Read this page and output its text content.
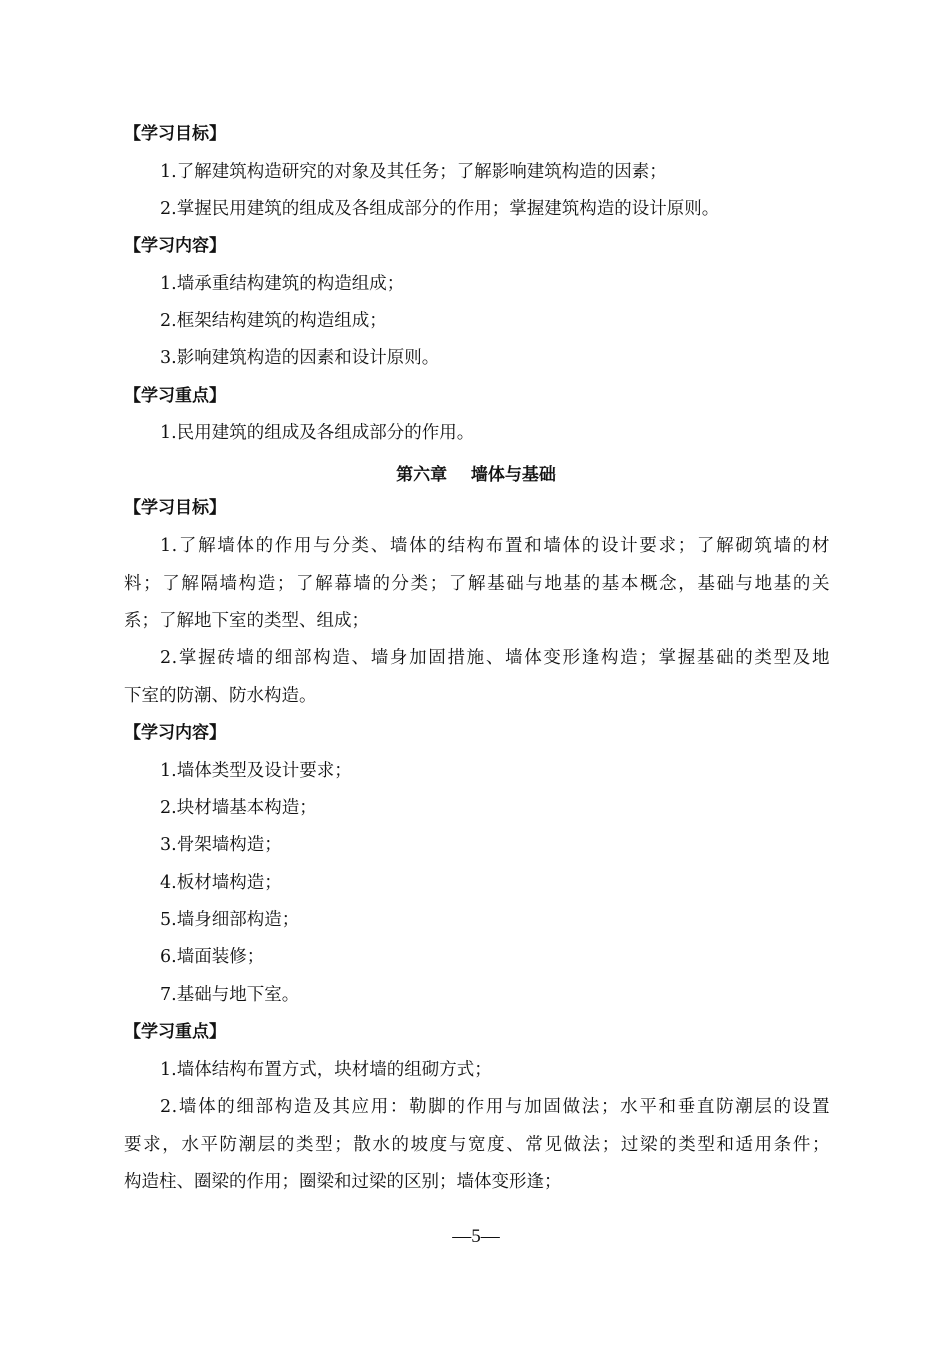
【学习目标】
1.了解建筑构造研究的对象及其任务；了解影响建筑构造的因素；
2.掌握民用建筑的组成及各组成部分的作用；掌握建筑构造的设计原则。
【学习内容】
1.墙承重结构建筑的构造组成；
2.框架结构建筑的构造组成；
3.影响建筑构造的因素和设计原则。
【学习重点】
1.民用建筑的组成及各组成部分的作用。
第六章    墙体与基础
【学习目标】
1.了解墙体的作用与分类、墙体的结构布置和墙体的设计要求；了解砌筑墙的材
料；了解隔墙构造；了解幕墙的分类；了解基础与地基的基本概念，基础与地基的关
系；了解地下室的类型、组成；
2.掌握砖墙的细部构造、墙身加固措施、墙体变形逢构造；掌握基础的类型及地
下室的防潮、防水构造。
【学习内容】
1.墙体类型及设计要求；
2.块材墙基本构造；
3.骨架墙构造；
4.板材墙构造；
5.墙身细部构造；
6.墙面装修；
7.基础与地下室。
【学习重点】
1.墙体结构布置方式，块材墙的组砌方式；
2.墙体的细部构造及其应用：勒脚的作用与加固做法；水平和垂直防潮层的设置
要求，水平防潮层的类型；散水的坡度与宽度、常见做法；过梁的类型和适用条件；
构造柱、圈梁的作用；圈梁和过梁的区别；墙体变形逢；
—5—
